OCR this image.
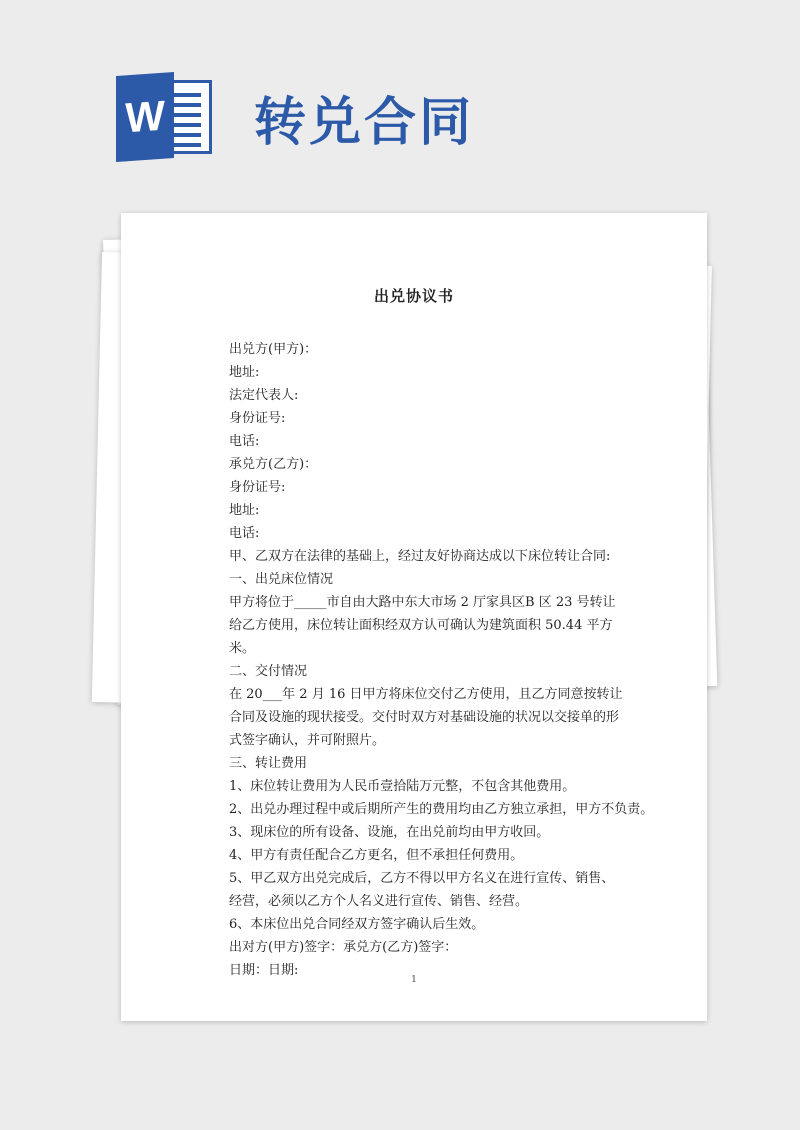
W 转兑合同
出兑协议书

出兑方(甲方)：

地址:

法定代表人:

身份证号:

电话:

承兑方(乙方)：

身份证号:

地址:

电话:

甲、乙双方在法律的基础上，经过友好协商达成以下床位转让合同:

一、出兑床位情况

甲方将位于_____市自由大路中东大市场 2 厅家具区B 区 23 号转让给乙方使用，床位转让面积经双方认可确认为建筑面积 50.44 平方米。

二、交付情况

在 20___年 2 月 16 日甲方将床位交付乙方使用，且乙方同意按转让合同及设施的现状接受。交付时双方对基础设施的状况以交接单的形式签字确认，并可附照片。

三、转让费用

1、床位转让费用为人民币壹拾陆万元整，不包含其他费用。

2、出兑办理过程中或后期所产生的费用均由乙方独立承担，甲方不负责。

3、现床位的所有设备、设施，在出兑前均由甲方收回。

4、甲方有责任配合乙方更名，但不承担任何费用。

5、甲乙双方出兑完成后，乙方不得以甲方名义在进行宣传、销售、经营，必须以乙方个人名义进行宣传、销售、经营。

6、本床位出兑合同经双方签字确认后生效。

出对方(甲方)签字：承兑方(乙方)签字：

日期：日期:

1
